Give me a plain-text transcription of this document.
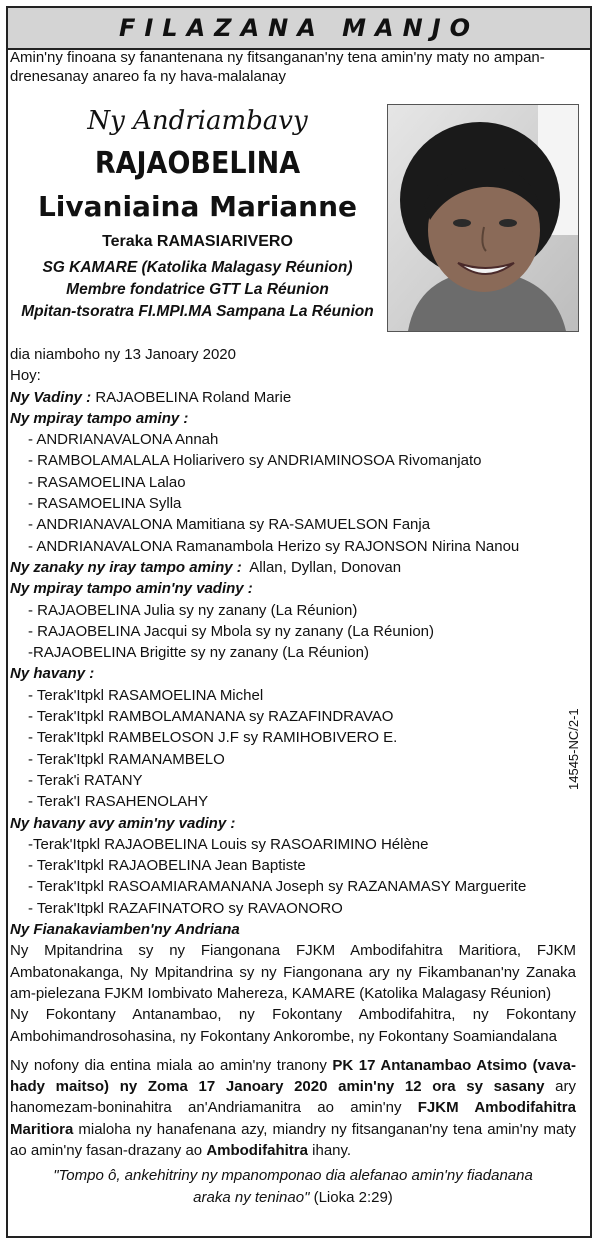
FILAZANA MANJO
Amin'ny finoana sy fanantenana ny fitsanganan'ny tena amin'ny maty no ampan-drenesanay anareo fa ny hava-malalanay
Ny Andriambavy
RAJAOBELINA
Livaniaina Marianne
Teraka RAMASIARIVERO
SG KAMARE (Katolika Malagasy Réunion)
Membre fondatrice GTT La Réunion
Mpitan-tsoratra FI.MPI.MA Sampana La Réunion

dia niamboho ny 13 Janoary 2020

Hoy:

Ny Vadiny : RAJAOBELINA Roland Marie

Ny mpiray tampo aminy :

- ANDRIANAVALONA Annah

- RAMBOLAMALALA Holiarivero sy ANDRIAMINOSOA Rivomanjato

- RASAMOELINA Lalao

- RASAMOELINA Sylla

- ANDRIANAVALONA Mamitiana sy RA-SAMUELSON Fanja

- ANDRIANAVALONA Ramanambola Herizo sy RAJONSON Nirina Nanou

Ny zanaky ny iray tampo aminy : Allan, Dyllan, Donovan

Ny mpiray tampo amin'ny vadiny :

- RAJAOBELINA Julia sy ny zanany (La Réunion)

- RAJAOBELINA Jacqui sy Mbola sy ny zanany (La Réunion)

-RAJAOBELINA Brigitte sy ny zanany (La Réunion)

Ny havany :

- Terak'Itpkl RASAMOELINA Michel

- Terak'Itpkl RAMBOLAMANANA sy RAZAFINDRAVAO

- Terak'Itpkl RAMBELOSON J.F sy RAMIHOBIVERO E.

- Terak'Itpkl RAMANAMBELO

- Terak'i RATANY

- Terak'I RASAHENOLAHY

Ny havany avy amin'ny vadiny :

-Terak'Itpkl RAJAOBELINA Louis sy RASOARIMINO Hélène

- Terak'Itpkl RAJAOBELINA Jean Baptiste

- Terak'Itpkl RASOAMIARAMANANA Joseph sy RAZANAMASY Marguerite

- Terak'Itpkl RAZAFINATORO sy RAVAONORO

Ny Fianakaviamben'ny Andriana

Ny Mpitandrina sy ny Fiangonana FJKM Ambodifahitra Maritiora, FJKM Ambatonakanga, Ny Mpitandrina sy ny Fiangonana ary ny Fikambanan'ny Zanaka am-pielezana FJKM Iombivato Mahereza, KAMARE (Katolika Malagasy Réunion)

Ny Fokontany Antanambao, ny Fokontany Ambodifahitra, ny Fokontany Ambohimandrosohasina, ny Fokontany Ankorombe, ny Fokontany Soamiandalana

Ny nofony dia entina miala ao amin'ny tranony PK 17 Antanambao Atsimo (vava-hady maitso) ny Zoma 17 Janoary 2020 amin'ny 12 ora sy sasany ary hanomezam-boninahitra an'Andriamanitra ao amin'ny FJKM Ambodifahitra Maritiora mialoha ny hanafenana azy, miandry ny fitsanganan'ny tena amin'ny maty ao amin'ny fasan-drazany ao Ambodifahitra ihany.

"Tompo ô, ankehitriny ny mpanomponao dia alefanao amin'ny fiadanana araka ny teninao" (Lioka 2:29)

14545-NC/2-1
